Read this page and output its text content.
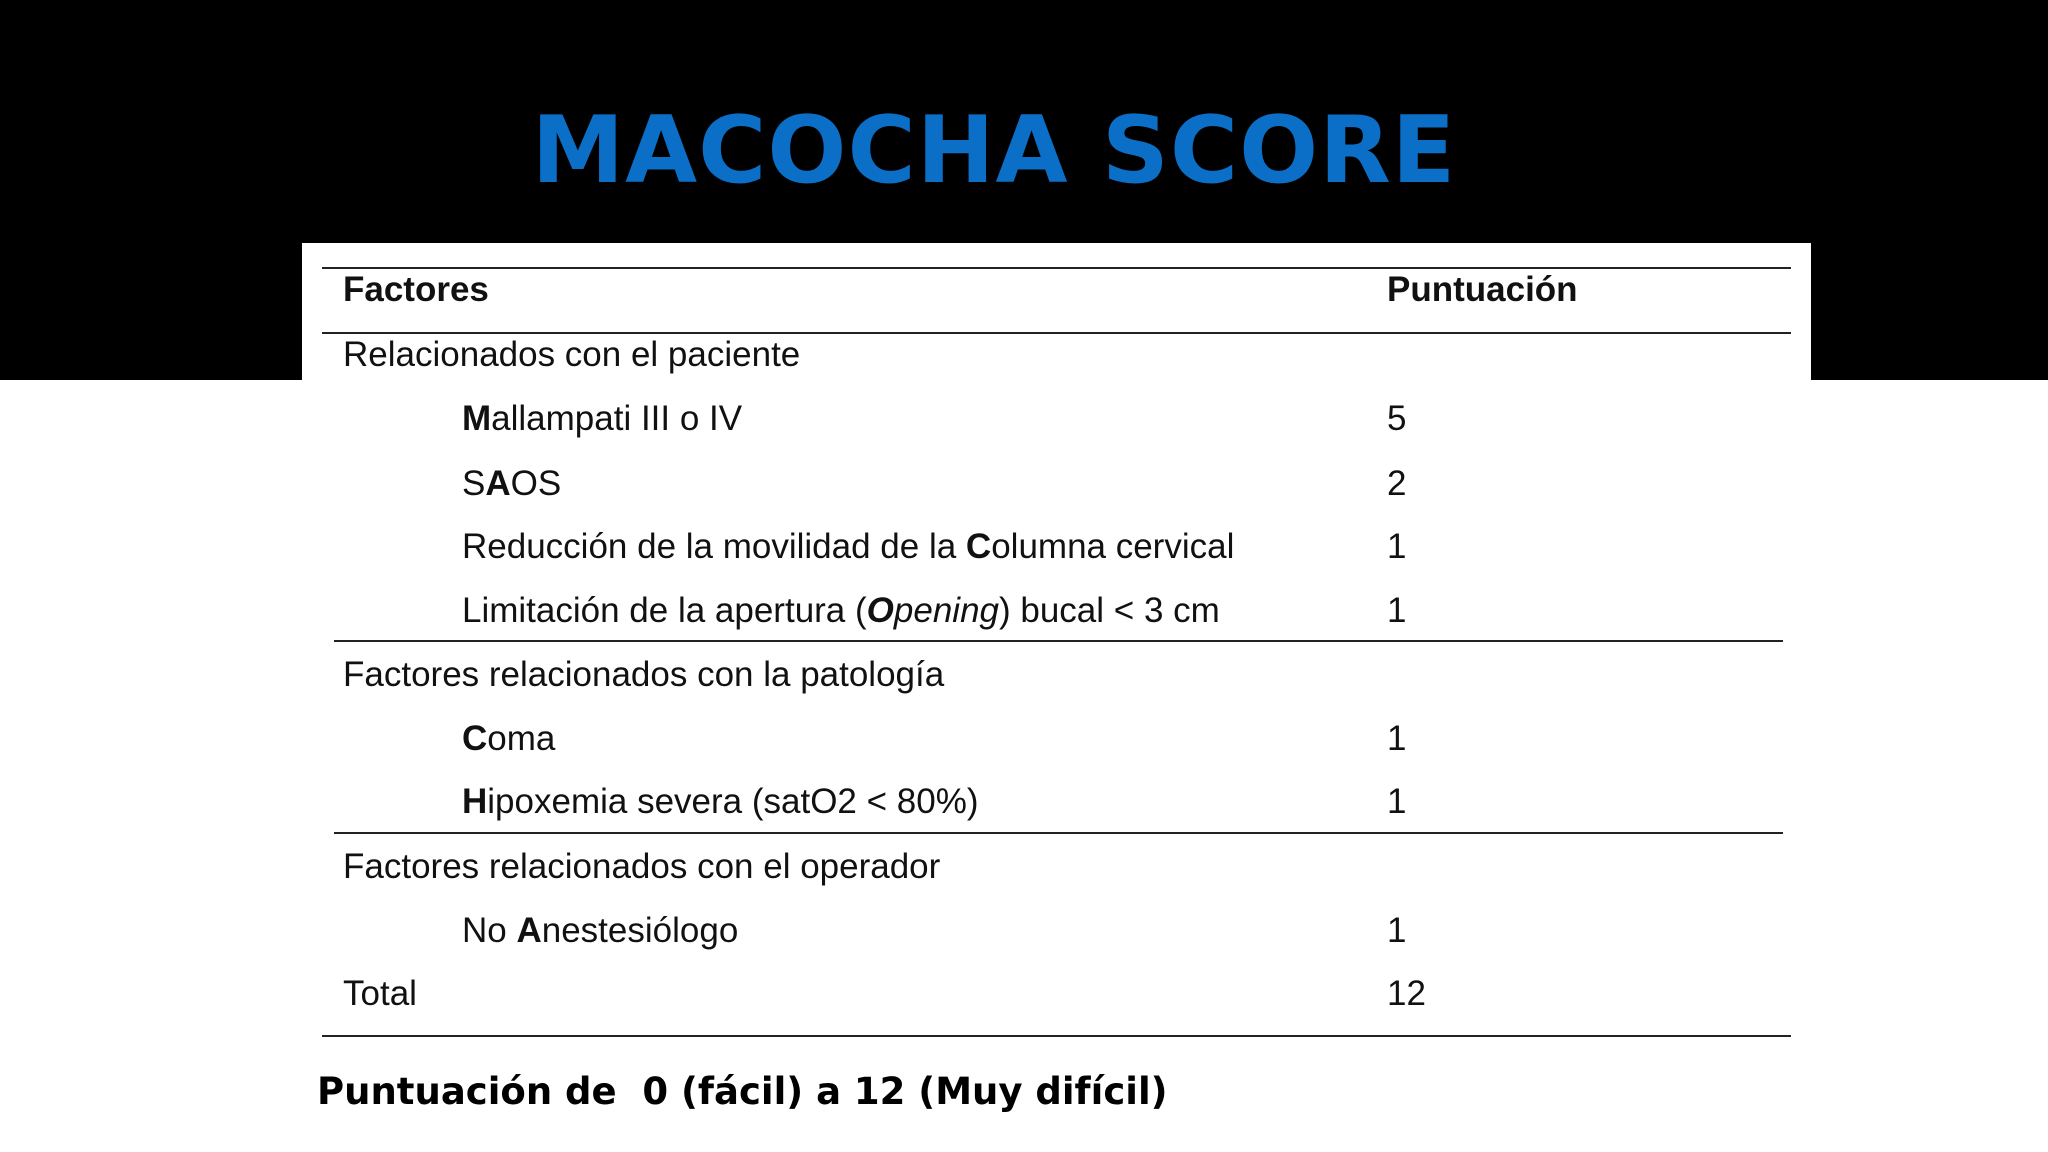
MACOCHA SCORE
Factores	Puntuación
Relacionados con el paciente
Mallampati III o IV	5
SAOS	2
Reducción de la movilidad de la Columna cervical	1
Limitación de la apertura (Opening) bucal < 3 cm	1
Factores relacionados con la patología
Coma	1
Hipoxemia severa (satO2 < 80%)	1
Factores relacionados con el operador
No Anestesiólogo	1
Total	12
Puntuación de  0 (fácil) a 12 (Muy difícil)
